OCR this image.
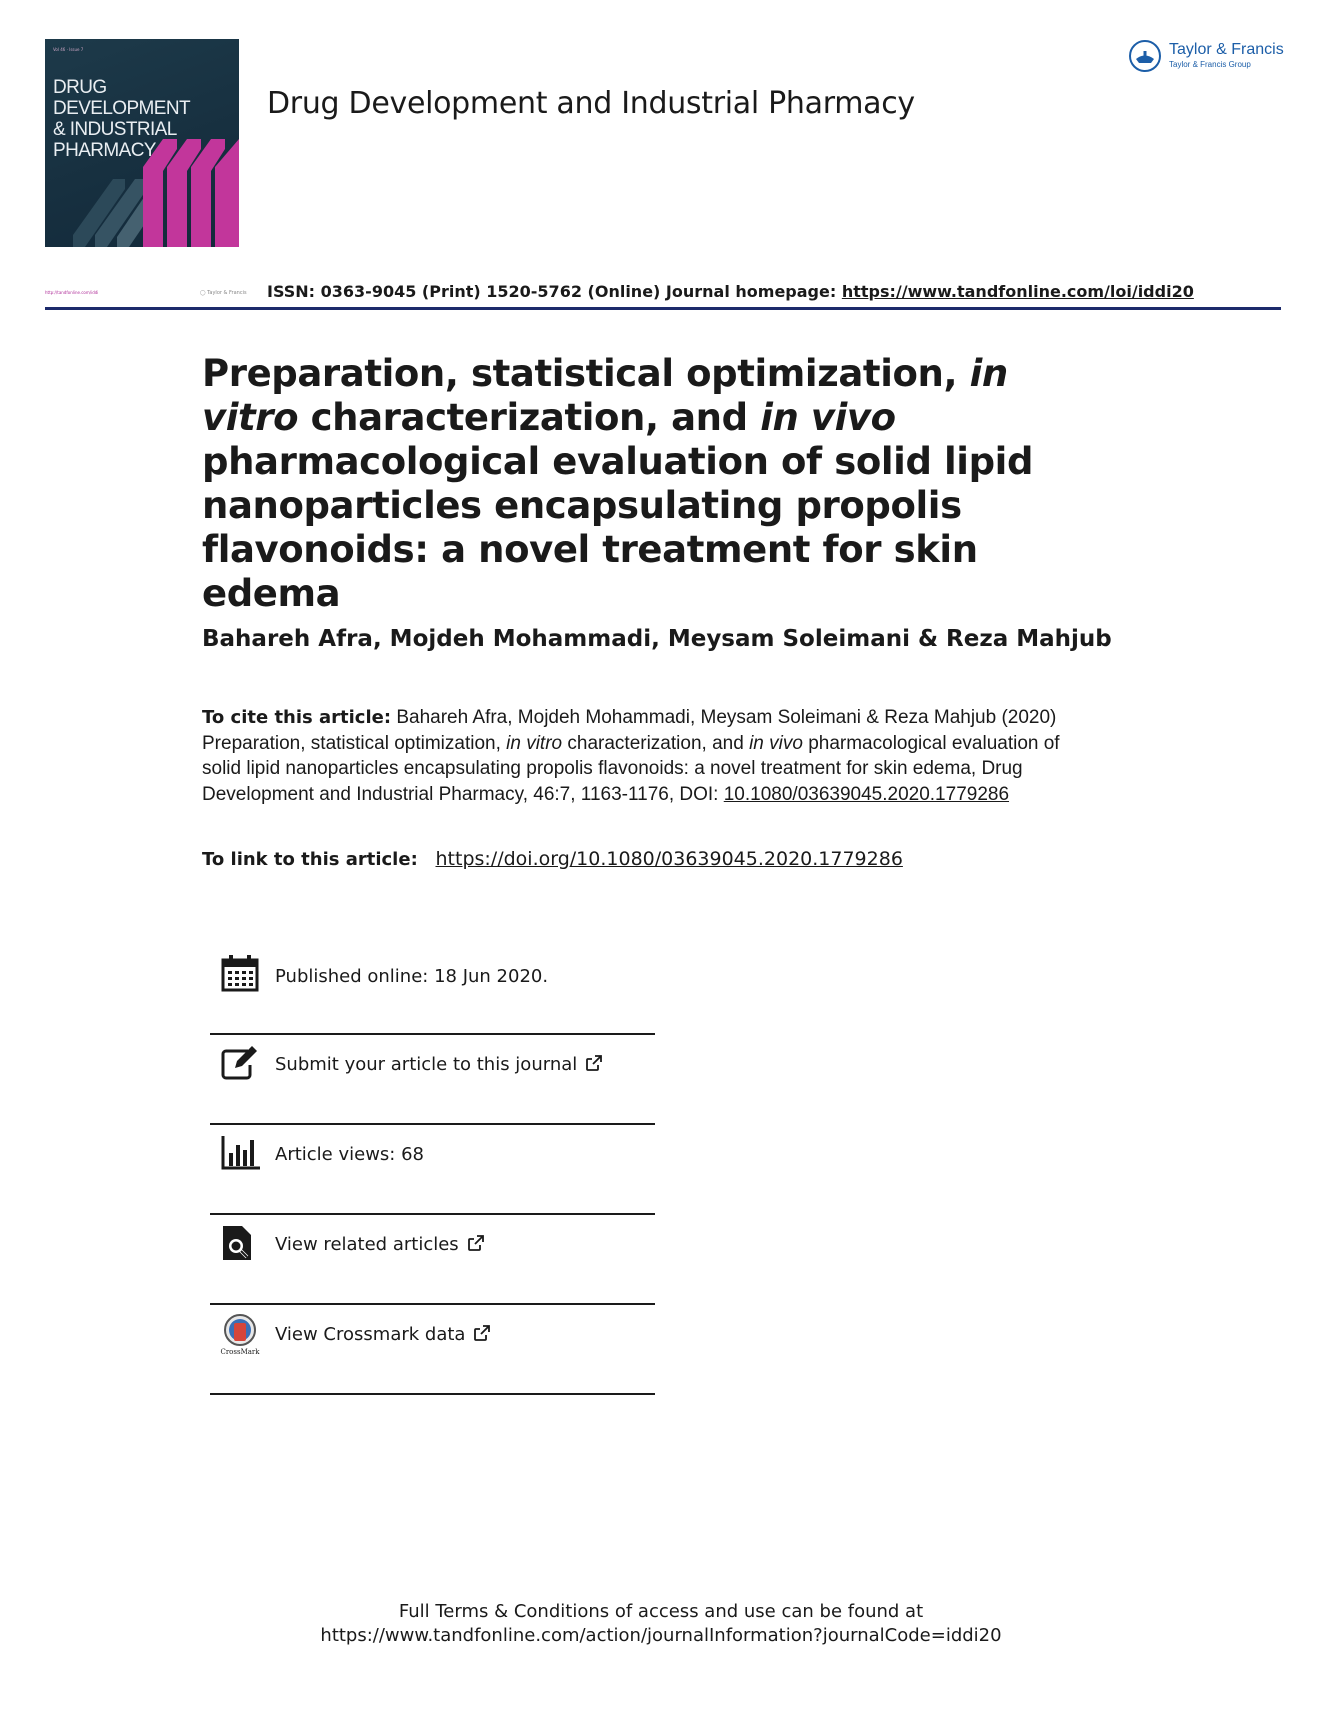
Vol 46 · Issue 7
DRUG DEVELOPMENT
& INDUSTRIAL
PHARMACY
Drug Development and Industrial Pharmacy
Taylor & Francis
Taylor & Francis Group
http://tandfonline.com/iddi	◯ Taylor & Francis ISSN: 0363-9045 (Print) 1520-5762 (Online) Journal homepage: https://www.tandfonline.com/loi/iddi20
Preparation, statistical optimization, in vitro characterization, and in vivo pharmacological evaluation of solid lipid nanoparticles encapsulating propolis flavonoids: a novel treatment for skin edema
Bahareh Afra, Mojdeh Mohammadi, Meysam Soleimani & Reza Mahjub
To cite this article: Bahareh Afra, Mojdeh Mohammadi, Meysam Soleimani & Reza Mahjub (2020) Preparation, statistical optimization, in vitro characterization, and in vivo pharmacological evaluation of solid lipid nanoparticles encapsulating propolis flavonoids: a novel treatment for skin edema, Drug Development and Industrial Pharmacy, 46:7, 1163-1176, DOI: 10.1080/03639045.2020.1779286
To link to this article: https://doi.org/10.1080/03639045.2020.1779286
Published online: 18 Jun 2020.
Submit your article to this journal
Article views: 68
View related articles
CrossMark
View Crossmark data
Full Terms & Conditions of access and use can be found at
https://www.tandfonline.com/action/journalInformation?journalCode=iddi20
